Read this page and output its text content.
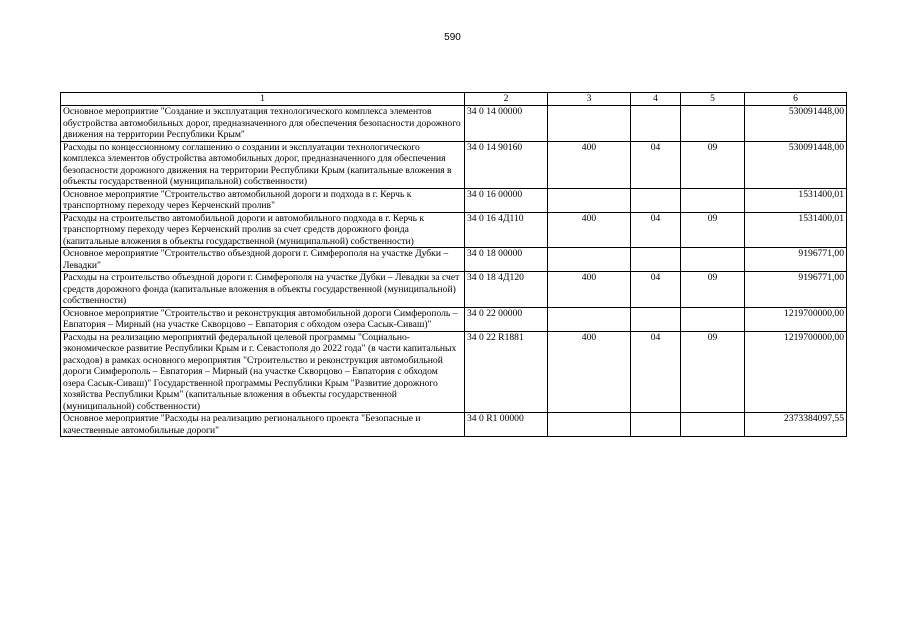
590
1	2	3	4	5	6
Основное мероприятие "Создание и эксплуатация технологического комплекса элементов обустройства автомобильных дорог, предназначенного для обеспечения безопасности дорожного движения на территории Республики Крым"	34 0 14 00000				530091448,00
Расходы по концессионному соглашению о создании и эксплуатации технологического комплекса элементов обустройства автомобильных дорог, предназначенного для обеспечения безопасности дорожного движения на территории Республики Крым (капитальные вложения в объекты государственной (муниципальной) собственности)	34 0 14 90160	400	04	09	530091448,00
Основное мероприятие "Строительство автомобильной дороги и подхода в г. Керчь к транспортному переходу через Керченский пролив"	34 0 16 00000				1531400,01
Расходы на строительство автомобильной дороги и автомобильного подхода в г. Керчь к транспортному переходу через Керченский пролив за счет средств дорожного фонда (капитальные вложения в объекты государственной (муниципальной) собственности)	34 0 16 4Д110	400	04	09	1531400,01
Основное мероприятие "Строительство объездной дороги г. Симферополя на участке Дубки – Левадки"	34 0 18 00000				9196771,00
Расходы на строительство объездной дороги г. Симферополя на участке Дубки – Левадки за счет средств дорожного фонда (капитальные вложения в объекты государственной (муниципальной) собственности)	34 0 18 4Д120	400	04	09	9196771,00
Основное мероприятие "Строительство и реконструкция автомобильной дороги Симферополь – Евпатория – Мирный (на участке Скворцово – Евпатория с обходом озера Сасык-Сиваш)"	34 0 22 00000				1219700000,00
Расходы на реализацию мероприятий федеральной целевой программы "Социально-экономическое развитие Республики Крым и г. Севастополя до 2022 года" (в части капитальных расходов) в рамках основного мероприятия "Строительство и реконструкция автомобильной дороги Симферополь – Евпатория – Мирный (на участке Скворцово – Евпатория с обходом озера Сасык-Сиваш)" Государственной программы Республики Крым "Развитие дорожного хозяйства Республики Крым" (капитальные вложения в объекты государственной (муниципальной) собственности)	34 0 22 R1881	400	04	09	1219700000,00
Основное мероприятие "Расходы на реализацию регионального проекта "Безопасные и качественные автомобильные дороги"	34 0 R1 00000				2373384097,55
